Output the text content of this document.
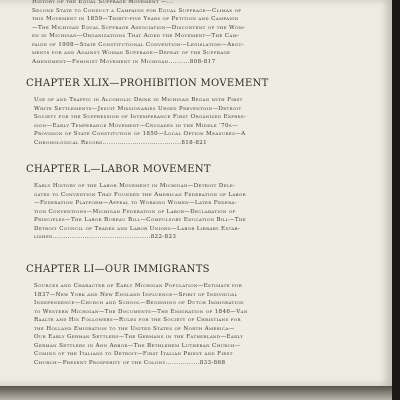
History of the Equal Suffrage Movement —...
Second State to Conduct a Campaign for Equal Suffrage—Climax of
this Movement in 1859—Thirty-five Years of Petition and Campaign
—The Michigan Equal Suffrage Association—Discontent of the Wom-
en in Michigan—Organizations That Aided the Movement—The Cam-
paign of 1908—State Constitutional Convention—Legislation—Argu-
ments for and Against Woman Suffrage—Defeat of the Suffrage
Amendment—Feminist Movement in Michigan..........808-817
CHAPTER XLIX—PROHIBITION MOVEMENT
Use of and Traffic in Alcoholic Drink in Michigan Began with First
White Settlements—Jesuit Missionaries Urged Prevention—Detroit
Society for the Suppression of Intemperance First Organized Expres-
sion—Early Temperance Movement—Crusades in the Middle '70s—
Provision of State Constitution of 1850—Local Option Measures—A
Chronological Record.....................................818-821
CHAPTER L—LABOR MOVEMENT
Early History of the Labor Movement in Michigan—Detroit Dele-
gates to Convention That Founded the American Federation of Labor
—Federation Platform—Appeal to Working Women—Later Federa-
tion Conventions—Michigan Federation of Labor—Declaration of
Principles—The Labor Bureau Bill—Compulsory Education Bill—The
Detroit Council of Trades and Labor Unions—Labor Library Estab-
lished..............................................822-823
CHAPTER LI—OUR IMMIGRANTS
Sources and Character of Early Michigan Population—Estimate for
1837—New York and New England Influence—Spirit of Individual
Independence—Church and School—Beginning of Dutch Immigration
to Western Michigan—The Documents—The Emigration of 1846—Van
Raalte and His Followers—Rules for the Society of Christians for
the Holland Emigration to the United States of North America—
Our Early German Settlers—The Germans in the Fatherland—Early
German Settlers in Ann Arbor—The Bethlehem Lutheran Church—
Coming of the Italians to Detroit—First Italian Priest and First
Church—Present Prosperity of the Colony................833-868
